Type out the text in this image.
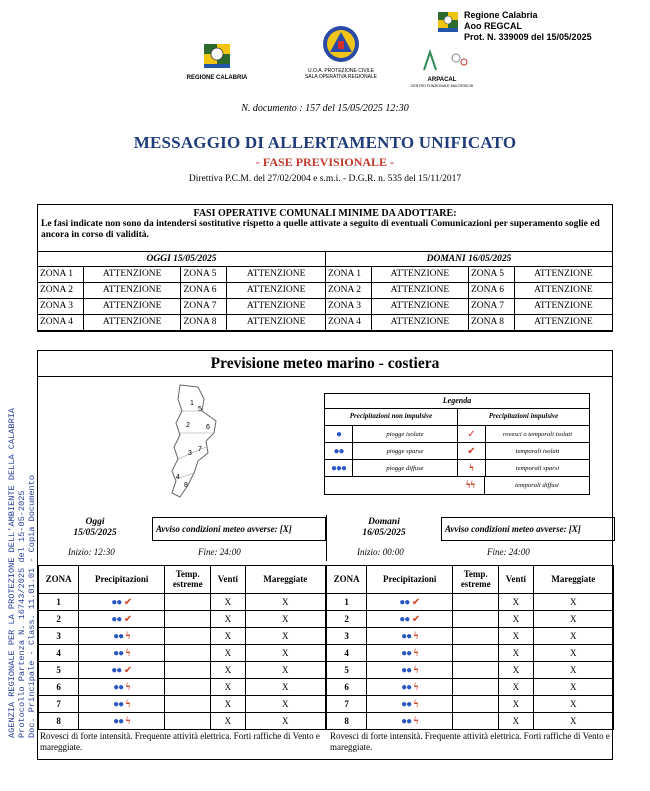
REGIONE CALABRIA
U.O.A. PROTEZIONE CIVILE
SALA OPERATIVA REGIONALE
ARPACAL
CENTRO FUNZIONALE MULTIRISCHI
Regione Calabria
Aoo REGCAL
Prot. N. 339009 del 15/05/2025
AGENZIA REGIONALE PER LA PROTEZIONE DELL'AMBIENTE DELLA CALABRIA Protocollo Partenza N. 16743/2025 del 15-05-2025 Doc. Principale - Class. 11.01.01 - Copia Documento
N. documento : 157 del 15/05/2025 12:30
MESSAGGIO DI ALLERTAMENTO UNIFICATO
- FASE PREVISIONALE -
Direttiva P.C.M. del 27/02/2004 e s.m.i. - D.G.R. n. 535 del 15/11/2017
FASI OPERATIVE COMUNALI MINIME DA ADOTTARE:
Le fasi indicate non sono da intendersi sostitutive rispetto a quelle attivate a seguito di eventuali Comunicazioni per superamento soglie ed ancora in corso di validità.
OGGI 15/05/2025
ZONA 1	ATTENZIONE	ZONA 5	ATTENZIONE
ZONA 2	ATTENZIONE	ZONA 6	ATTENZIONE
ZONA 3	ATTENZIONE	ZONA 7	ATTENZIONE
ZONA 4	ATTENZIONE	ZONA 8	ATTENZIONE
DOMANI 16/05/2025
ZONA 1	ATTENZIONE	ZONA 5	ATTENZIONE
ZONA 2	ATTENZIONE	ZONA 6	ATTENZIONE
ZONA 3	ATTENZIONE	ZONA 7	ATTENZIONE
ZONA 4	ATTENZIONE	ZONA 8	ATTENZIONE
Previsione meteo marino - costiera
1
2
3
4
5
6
7
8
Legenda
Precipitazioni non impulsive	Precipitazioni impulsive
●	piogge isolate	✓	rovesci o temporali isolati
●●	piogge sparse	✔	temporali isolati
●●●	piogge diffuse	ϟ	temporali sparsi
ϟϟ	temporali diffusi
Oggi
15/05/2025
Inizio: 12:30
Avviso condizioni meteo avverse: [X]
Fine: 24:00
Domani
16/05/2025
Inizio: 00:00
Avviso condizioni meteo avverse: [X]
Fine: 24:00
ZONA	Precipitazioni	Temp.
estreme	Venti	Mareggiate
1	●● ✔		X	X
2	●● ✔		X	X
3	●● ϟ		X	X
4	●● ϟ		X	X
5	●● ✔		X	X
6	●● ϟ		X	X
7	●● ϟ		X	X
8	●● ϟ		X	X
ZONA	Precipitazioni	Temp.
estreme	Venti	Mareggiate
1	●● ✔		X	X
2	●● ✔		X	X
3	●● ϟ		X	X
4	●● ϟ		X	X
5	●● ϟ		X	X
6	●● ϟ		X	X
7	●● ϟ		X	X
8	●● ϟ		X	X
Rovesci di forte intensità. Frequente attività elettrica. Forti raffiche di Vento e mareggiate.
Rovesci di forte intensità. Frequente attività elettrica. Forti raffiche di Vento e mareggiate.
